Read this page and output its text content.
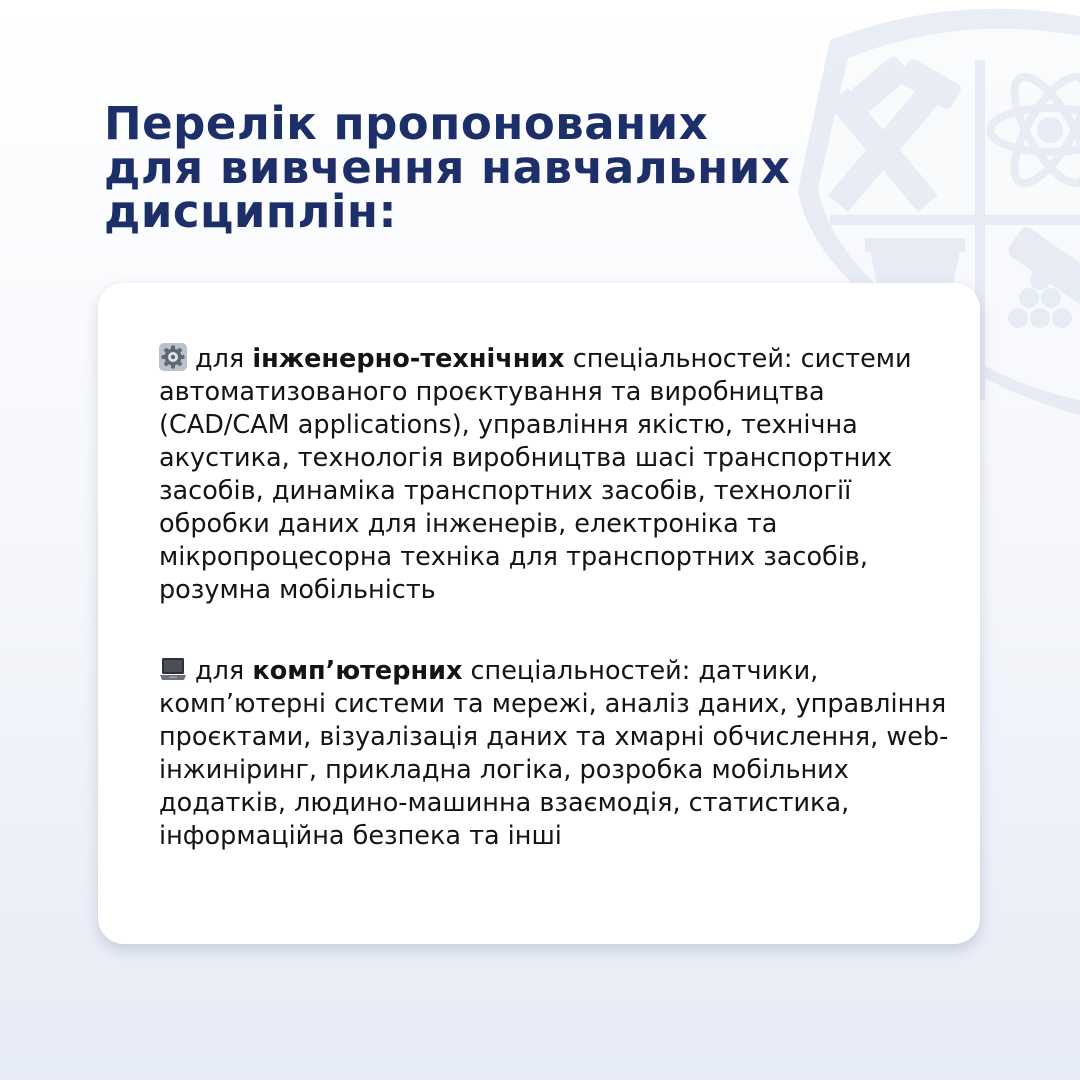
Перелік пропонованих для вивчення навчальних дисциплін:

для інженерно-технічних спеціальностей: системи автоматизованого проєктування та виробництва (CAD/CAM applications), управління якістю, технічна акустика, технологія виробництва шасі транспортних засобів, динаміка транспортних засобів, технології обробки даних для інженерів, електроніка та мікропроцесорна техніка для транспортних засобів, розумна мобільність

для комп’ютерних спеціальностей: датчики, комп’ютерні системи та мережі, аналіз даних, управління проєктами, візуалізація даних та хмарні обчислення, web-інжиніринг, прикладна логіка, розробка мобільних додатків, людино-машинна взаємодія, статистика, інформаційна безпека та інші
